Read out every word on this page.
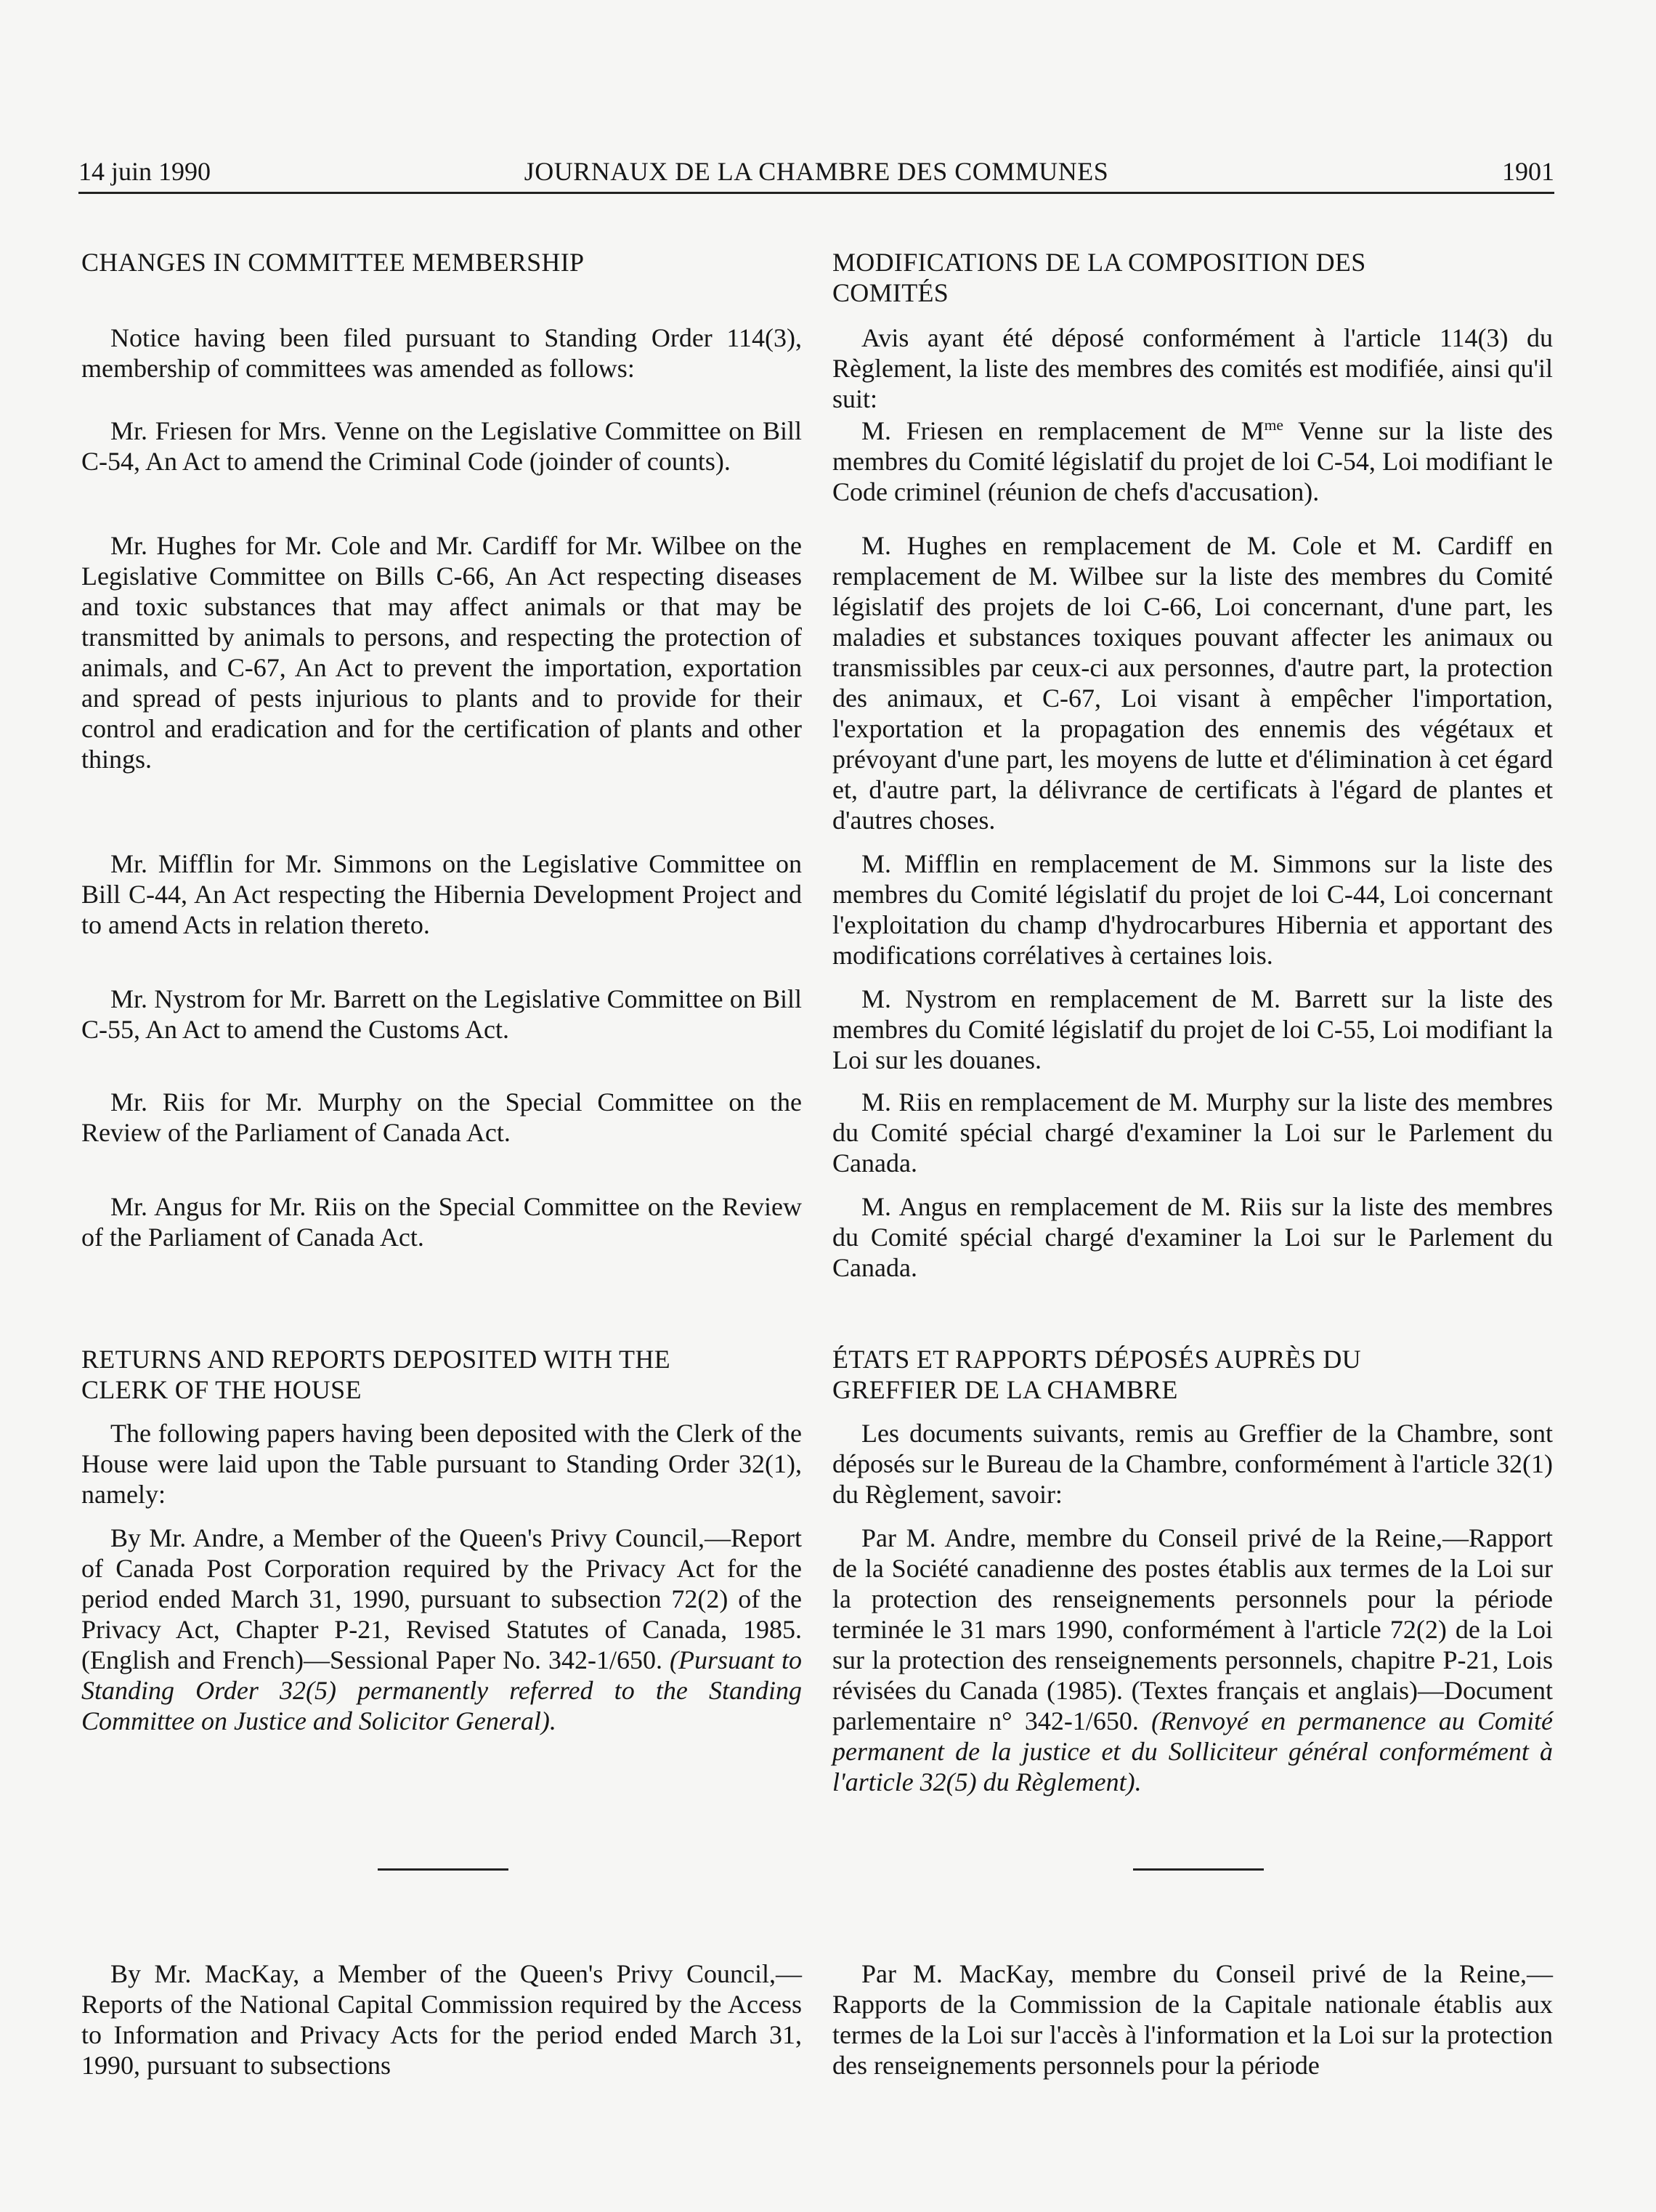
14 juin 1990	JOURNAUX DE LA CHAMBRE DES COMMUNES	1901
CHANGES IN COMMITTEE MEMBERSHIP

Notice having been filed pursuant to Standing Order 114(3), membership of committees was amended as follows:

Mr. Friesen for Mrs. Venne on the Legislative Committee on Bill C-54, An Act to amend the Criminal Code (joinder of counts).

Mr. Hughes for Mr. Cole and Mr. Cardiff for Mr. Wilbee on the Legislative Committee on Bills C-66, An Act respecting diseases and toxic substances that may affect animals or that may be transmitted by animals to persons, and respecting the protection of animals, and C-67, An Act to prevent the importation, exportation and spread of pests injurious to plants and to provide for their control and eradication and for the certification of plants and other things.

Mr. Mifflin for Mr. Simmons on the Legislative Committee on Bill C-44, An Act respecting the Hibernia Development Project and to amend Acts in relation thereto.

Mr. Nystrom for Mr. Barrett on the Legislative Committee on Bill C-55, An Act to amend the Customs Act.

Mr. Riis for Mr. Murphy on the Special Committee on the Review of the Parliament of Canada Act.

Mr. Angus for Mr. Riis on the Special Committee on the Review of the Parliament of Canada Act.

RETURNS AND REPORTS DEPOSITED WITH THE
CLERK OF THE HOUSE

The following papers having been deposited with the Clerk of the House were laid upon the Table pursuant to Standing Order 32(1), namely:

By Mr. Andre, a Member of the Queen's Privy Council,—Report of Canada Post Corporation required by the Privacy Act for the period ended March 31, 1990, pursuant to subsection 72(2) of the Privacy Act, Chapter P-21, Revised Statutes of Canada, 1985. (English and French)—Sessional Paper No. 342-1/650. (Pursuant to Standing Order 32(5) permanently referred to the Standing Committee on Justice and Solicitor General).

By Mr. MacKay, a Member of the Queen's Privy Council,—Reports of the National Capital Commission required by the Access to Information and Privacy Acts for the period ended March 31, 1990, pursuant to subsections

MODIFICATIONS DE LA COMPOSITION DES
COMITÉS

Avis ayant été déposé conformément à l'article 114(3) du Règlement, la liste des membres des comités est modifiée, ainsi qu'il suit:

M. Friesen en remplacement de $M^{me}$ Venne sur la liste des membres du Comité législatif du projet de loi C-54, Loi modifiant le Code criminel (réunion de chefs d'accusation).

M. Hughes en remplacement de M. Cole et M. Cardiff en remplacement de M. Wilbee sur la liste des membres du Comité législatif des projets de loi C-66, Loi concernant, d'une part, les maladies et substances toxiques pouvant affecter les animaux ou transmissibles par ceux-ci aux personnes, d'autre part, la protection des animaux, et C-67, Loi visant à empêcher l'importation, l'exportation et la propagation des ennemis des végétaux et prévoyant d'une part, les moyens de lutte et d'élimination à cet égard et, d'autre part, la délivrance de certificats à l'égard de plantes et d'autres choses.

M. Mifflin en remplacement de M. Simmons sur la liste des membres du Comité législatif du projet de loi C-44, Loi concernant l'exploitation du champ d'hydrocarbures Hibernia et apportant des modifications corrélatives à certaines lois.

M. Nystrom en remplacement de M. Barrett sur la liste des membres du Comité législatif du projet de loi C-55, Loi modifiant la Loi sur les douanes.

M. Riis en remplacement de M. Murphy sur la liste des membres du Comité spécial chargé d'examiner la Loi sur le Parlement du Canada.

M. Angus en remplacement de M. Riis sur la liste des membres du Comité spécial chargé d'examiner la Loi sur le Parlement du Canada.

ÉTATS ET RAPPORTS DÉPOSÉS AUPRÈS DU
GREFFIER DE LA CHAMBRE

Les documents suivants, remis au Greffier de la Chambre, sont déposés sur le Bureau de la Chambre, conformément à l'article 32(1) du Règlement, savoir:

Par M. Andre, membre du Conseil privé de la Reine,—Rapport de la Société canadienne des postes établis aux termes de la Loi sur la protection des renseignements personnels pour la période terminée le 31 mars 1990, conformément à l'article 72(2) de la Loi sur la protection des renseignements personnels, chapitre P-21, Lois révisées du Canada (1985). (Textes français et anglais)—Document parlementaire n° 342-1/650. (Renvoyé en permanence au Comité permanent de la justice et du Solliciteur général conformément à l'article 32(5) du Règlement).

Par M. MacKay, membre du Conseil privé de la Reine,—Rapports de la Commission de la Capitale nationale établis aux termes de la Loi sur l'accès à l'information et la Loi sur la protection des renseignements personnels pour la période
